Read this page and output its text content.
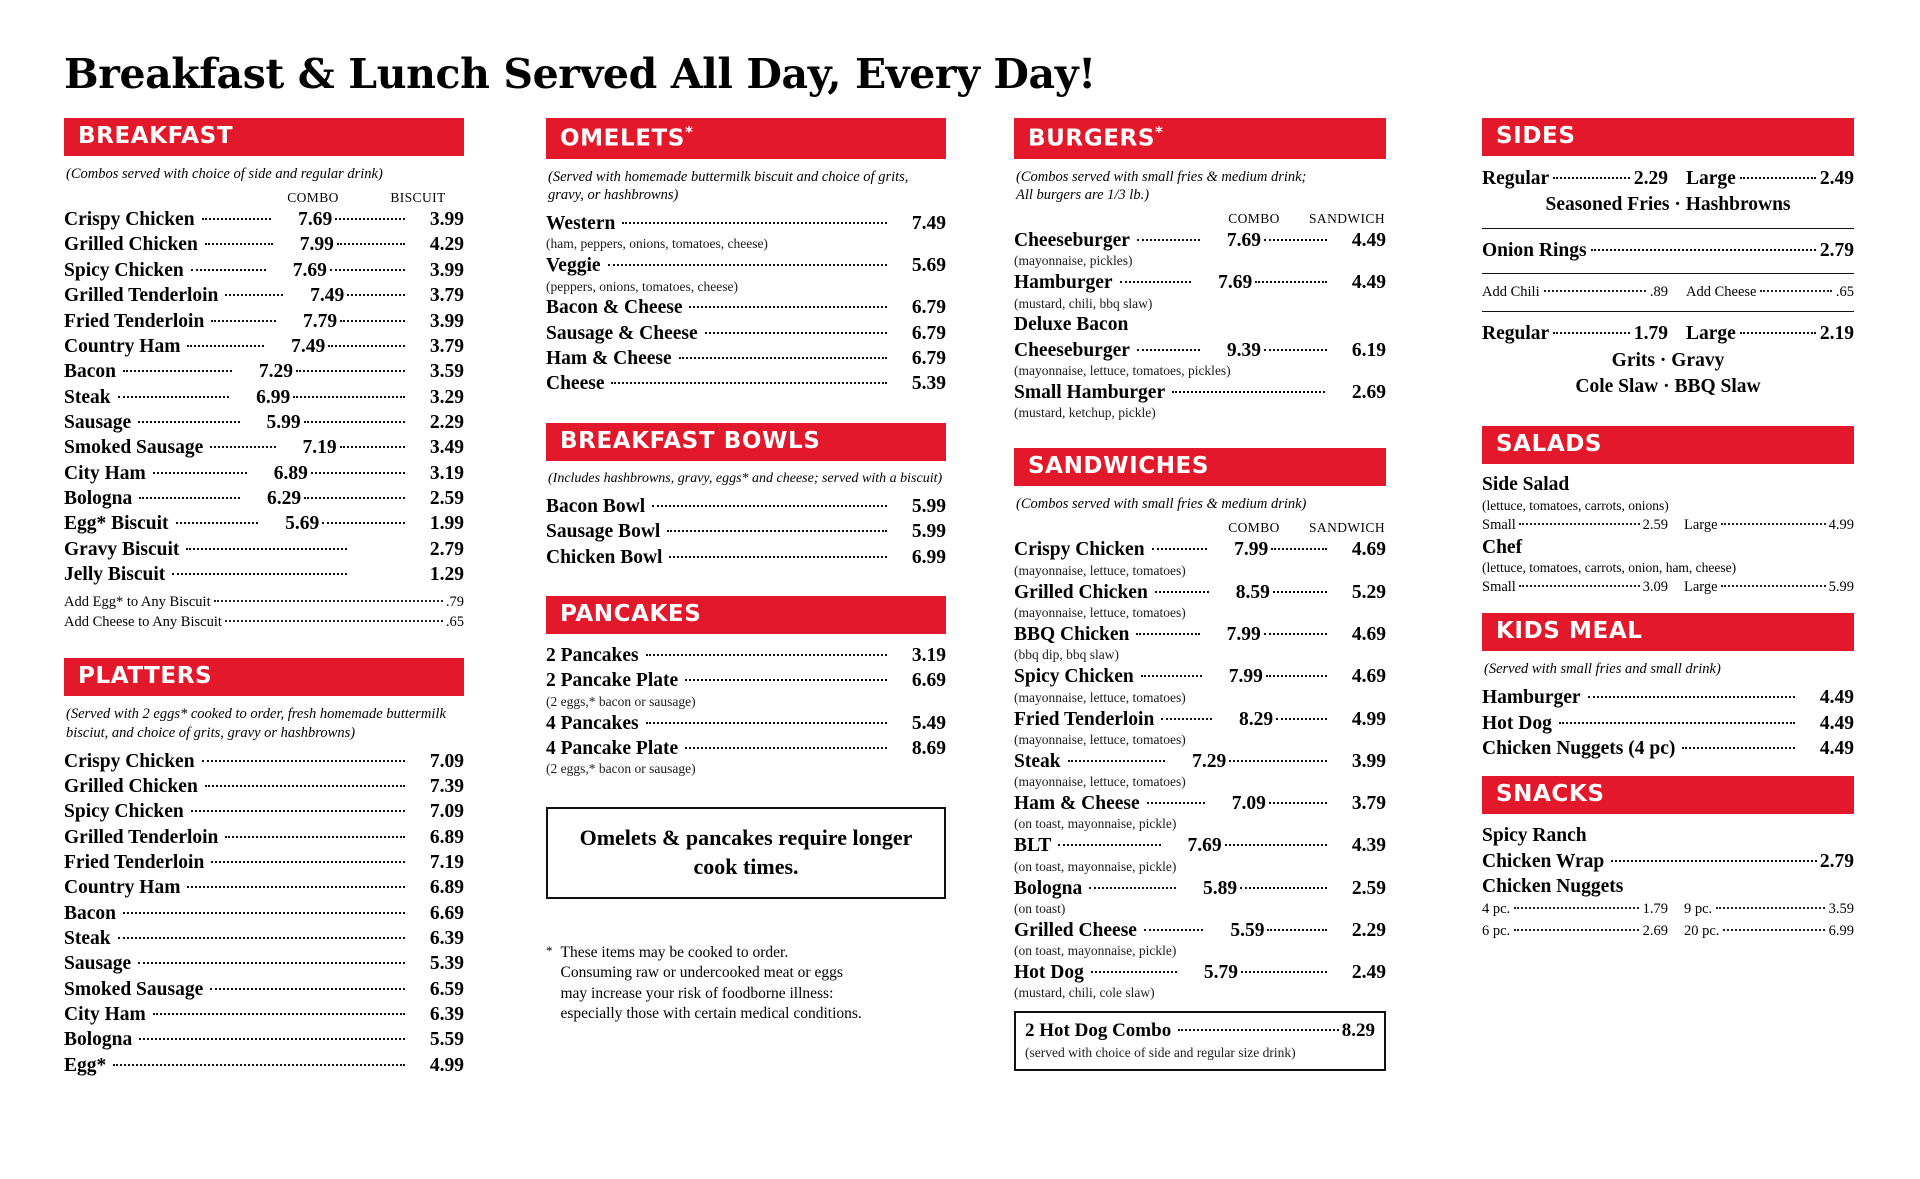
Breakfast & Lunch Served All Day, Every Day!
BREAKFAST
(Combos served with choice of side and regular drink)
COMBO	BISCUIT
Crispy Chicken	7.69	3.99
Grilled Chicken	7.99	4.29
Spicy Chicken	7.69	3.99
Grilled Tenderloin	7.49	3.79
Fried Tenderloin	7.79	3.99
Country Ham	7.49	3.79
Bacon	7.29	3.59
Steak	6.99	3.29
Sausage	5.99	2.29
Smoked Sausage	7.19	3.49
City Ham	6.89	3.19
Bologna	6.29	2.59
Egg* Biscuit	5.69	1.99
Gravy Biscuit	2.79
Jelly Biscuit	1.29
Add Egg* to Any Biscuit	.79
Add Cheese to Any Biscuit	.65
PLATTERS
(Served with 2 eggs* cooked to order, fresh homemade buttermilk bisciut, and choice of grits, gravy or hashbrowns)
Crispy Chicken	7.09
Grilled Chicken	7.39
Spicy Chicken	7.09
Grilled Tenderloin	6.89
Fried Tenderloin	7.19
Country Ham	6.89
Bacon	6.69
Steak	6.39
Sausage	5.39
Smoked Sausage	6.59
City Ham	6.39
Bologna	5.59
Egg*	4.99
OMELETS*
(Served with homemade buttermilk biscuit and choice of grits, gravy, or hashbrowns)
Western	7.49
(ham, peppers, onions, tomatoes, cheese)
Veggie	5.69
(peppers, onions, tomatoes, cheese)
Bacon & Cheese	6.79
Sausage & Cheese	6.79
Ham & Cheese	6.79
Cheese	5.39
BREAKFAST BOWLS
(Includes hashbrowns, gravy, eggs* and cheese; served with a biscuit)
Bacon Bowl	5.99
Sausage Bowl	5.99
Chicken Bowl	6.99
PANCAKES
2 Pancakes	3.19
2 Pancake Plate	6.69
(2 eggs,* bacon or sausage)
4 Pancakes	5.49
4 Pancake Plate	8.69
(2 eggs,* bacon or sausage)
Omelets & pancakes require longer cook times.
* These items may be cooked to order.
Consuming raw or undercooked meat or eggs
may increase your risk of foodborne illness:
especially those with certain medical conditions.
BURGERS*
(Combos served with small fries & medium drink;
All burgers are 1/3 lb.)
COMBO	SANDWICH
Cheeseburger	7.69	4.49
(mayonnaise, pickles)
Hamburger	7.69	4.49
(mustard, chili, bbq slaw)
Deluxe Bacon
Cheeseburger	9.39	6.19
(mayonnaise, lettuce, tomatoes, pickles)
Small Hamburger	2.69
(mustard, ketchup, pickle)
SANDWICHES
(Combos served with small fries & medium drink)
COMBO	SANDWICH
Crispy Chicken	7.99	4.69
(mayonnaise, lettuce, tomatoes)
Grilled Chicken	8.59	5.29
(mayonnaise, lettuce, tomatoes)
BBQ Chicken	7.99	4.69
(bbq dip, bbq slaw)
Spicy Chicken	7.99	4.69
(mayonnaise, lettuce, tomatoes)
Fried Tenderloin	8.29	4.99
(mayonnaise, lettuce, tomatoes)
Steak	7.29	3.99
(mayonnaise, lettuce, tomatoes)
Ham & Cheese	7.09	3.79
(on toast, mayonnaise, pickle)
BLT	7.69	4.39
(on toast, mayonnaise, pickle)
Bologna	5.89	2.59
(on toast)
Grilled Cheese	5.59	2.29
(on toast, mayonnaise, pickle)
Hot Dog	5.79	2.49
(mustard, chili, cole slaw)
2 Hot Dog Combo	8.29
(served with choice of side and regular size drink)
SIDES
Regular	2.29 Large	2.49
Seasoned Fries · Hashbrowns
Onion Rings	2.79
Add Chili	.89 Add Cheese	.65
Regular	1.79 Large	2.19
Grits · Gravy
Cole Slaw · BBQ Slaw
SALADS
Side Salad
(lettuce, tomatoes, carrots, onions)
Small	2.59 Large	4.99
Chef
(lettuce, tomatoes, carrots, onion, ham, cheese)
Small	3.09 Large	5.99
KIDS MEAL
(Served with small fries and small drink)
Hamburger	4.49
Hot Dog	4.49
Chicken Nuggets (4 pc)	4.49
SNACKS
Spicy Ranch
Chicken Wrap	2.79
Chicken Nuggets
4 pc.	1.79 9 pc.	3.59
6 pc.	2.69 20 pc.	6.99
